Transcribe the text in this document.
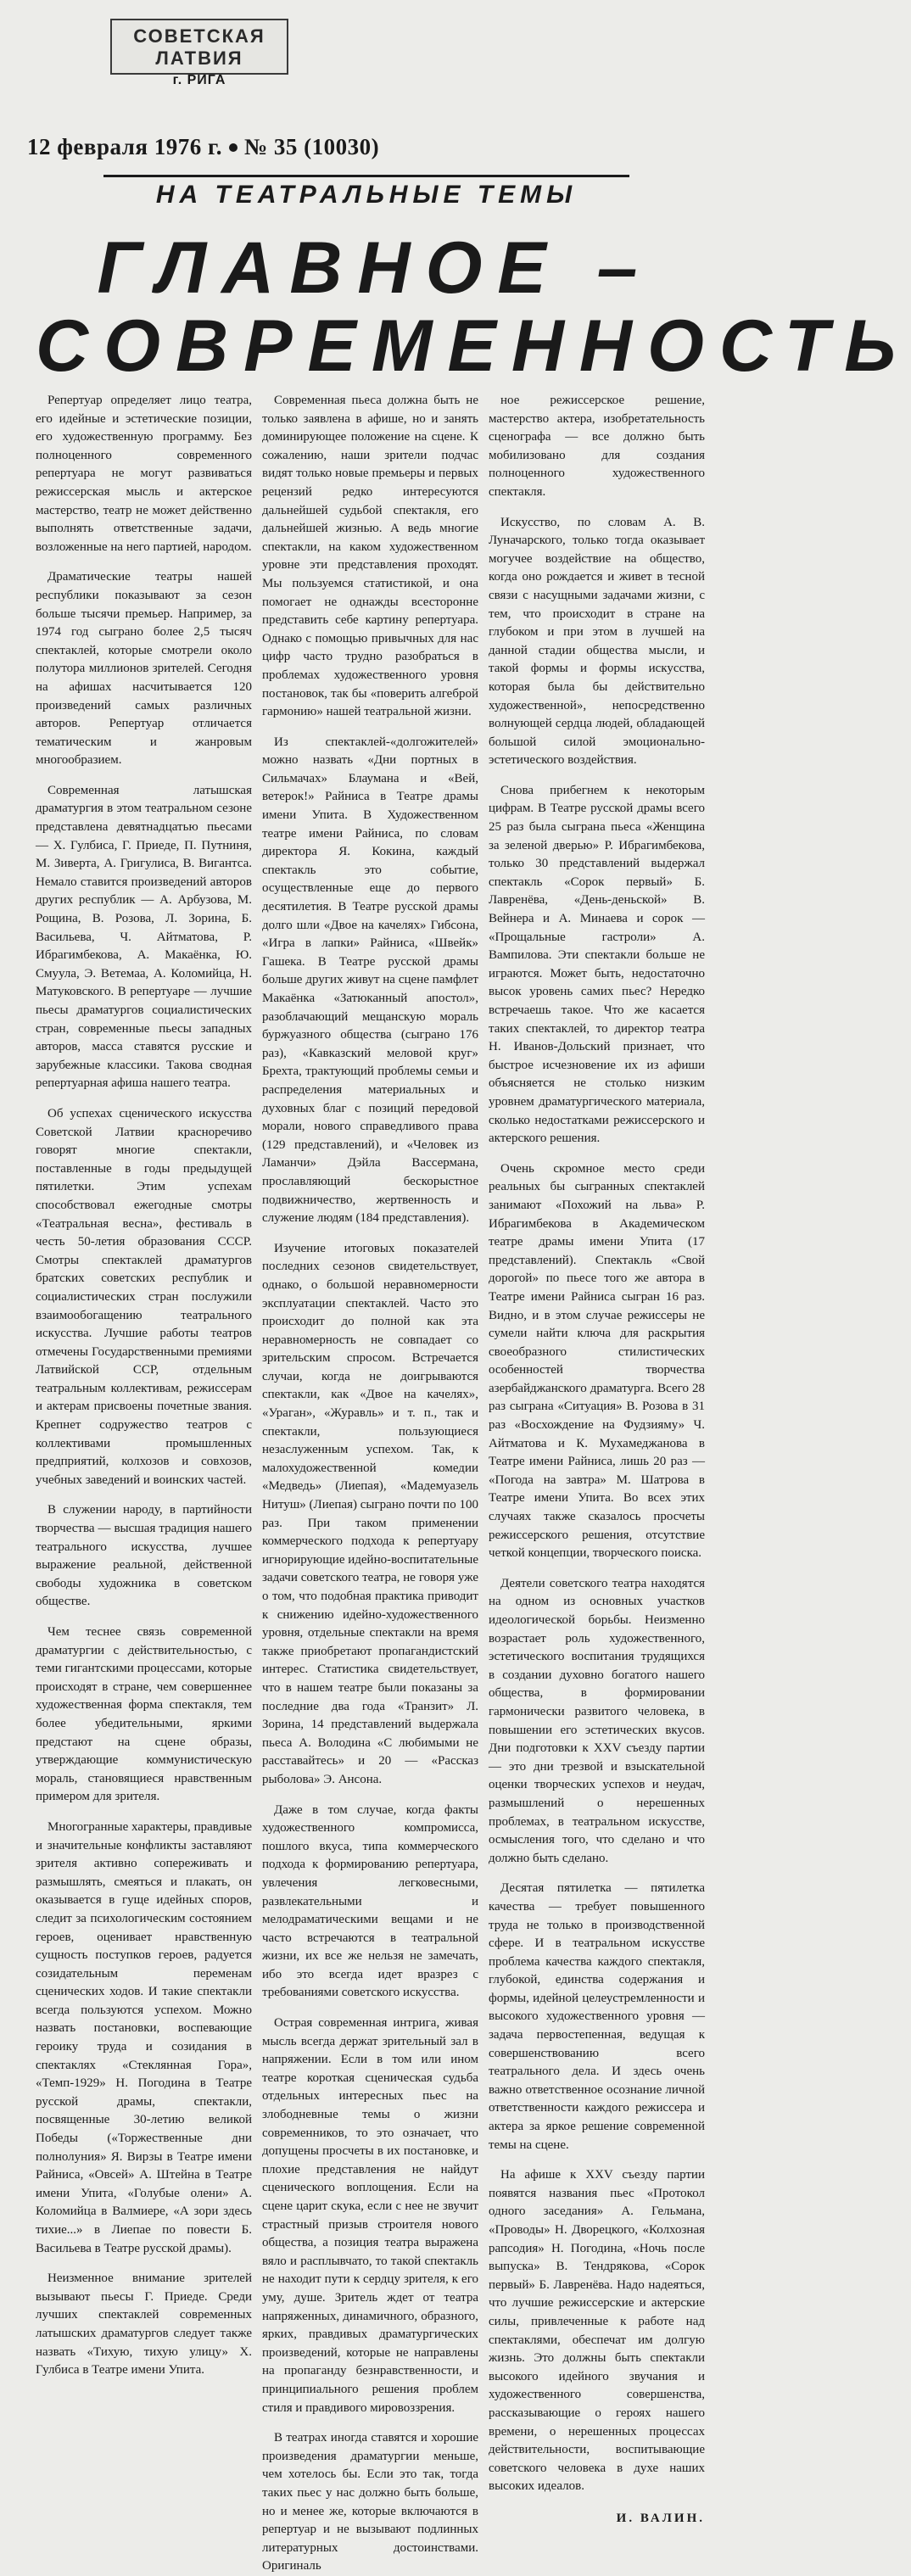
СОВЕТСКАЯ ЛАТВИЯ
г. РИГА
12 февраля 1976 г. № 35 (10030)
НА ТЕАТРАЛЬНЫЕ ТЕМЫ
ГЛАВНОЕ –
СОВРЕМЕННОСТЬ

Репертуар определяет лицо театра, его идейные и эстетические позиции, его художественную программу. Без полноценного современного репертуара не могут развиваться режиссерская мысль и актерское мастерство, театр не может действенно выполнять ответственные задачи, возложенные на него партией, народом.

Драматические театры нашей республики показывают за сезон больше тысячи премьер. Например, за 1974 год сыграно более 2,5 тысяч спектаклей, которые смотрели около полутора миллионов зрителей. Сегодня на афишах насчитывается 120 произведений самых различных авторов. Репертуар отличается тематическим и жанровым многообразием.

Современная латышская драматургия в этом театральном сезоне представлена девятнадцатью пьесами — Х. Гулбиса, Г. Приеде, П. Путниня, М. Зиверта, А. Григулиса, В. Вигантса. Немало ставится произведений авторов других республик — А. Арбузова, М. Рощина, В. Розова, Л. Зорина, Б. Васильева, Ч. Айтматова, Р. Ибрагимбекова, А. Макаёнка, Ю. Смуула, Э. Ветемаа, А. Коломийца, Н. Матуковского. В репертуаре — лучшие пьесы драматургов социалистических стран, современные пьесы западных авторов, масса ставятся русские и зарубежные классики. Такова сводная репертуарная афиша нашего театра.

Об успехах сценического искусства Советской Латвии красноречиво говорят многие спектакли, поставленные в годы предыдущей пятилетки. Этим успехам способствовал ежегодные смотры «Театральная весна», фестиваль в честь 50-летия образования СССР. Смотры спектаклей драматургов братских советских республик и социалистических стран послужили взаимообогащению театрального искусства. Лучшие работы театров отмечены Государственными премиями Латвийской ССР, отдельным театральным коллективам, режиссерам и актерам присвоены почетные звания. Крепнет содружество театров с коллективами промышленных предприятий, колхозов и совхозов, учебных заведений и воинских частей.

В служении народу, в партийности творчества — высшая традиция нашего театрального искусства, лучшее выражение реальной, действенной свободы художника в советском обществе.

Чем теснее связь современной драматургии с действительностью, с теми гигантскими процессами, которые происходят в стране, чем совершеннее художественная форма спектакля, тем более убедительными, яркими предстают на сцене образы, утверждающие коммунистическую мораль, становящиеся нравственным примером для зрителя.

Многогранные характеры, правдивые и значительные конфликты заставляют зрителя активно сопереживать и размышлять, смеяться и плакать, он оказывается в гуще идейных споров, следит за психологическим состоянием героев, оценивает нравственную сущность поступков героев, радуется созидательным переменам сценических ходов. И такие спектакли всегда пользуются успехом. Можно назвать постановки, воспевающие героику труда и созидания в спектаклях «Стеклянная Гора», «Темп-1929» Н. Погодина в Театре русской драмы, спектакли, посвященные 30-летию великой Победы («Торжественные дни полнолуния» Я. Вирзы в Театре имени Райниса, «Овсей» А. Штейна в Театре имени Упита, «Голубые олени» А. Коломийца в Валмиере, «А зори здесь тихие...» в Лиепае по повести Б. Васильева в Театре русской драмы).

Неизменное внимание зрителей вызывают пьесы Г. Приеде. Среди лучших спектаклей современных латышских драматургов следует также назвать «Тихую, тихую улицу» Х. Гулбиса в Театре имени Упита.

Современная пьеса должна быть не только заявлена в афише, но и занять доминирующее положение на сцене. К сожалению, наши зрители подчас видят только новые премьеры и первых рецензий редко интересуются дальнейшей судьбой спектакля, его дальнейшей жизнью. А ведь многие спектакли, на каком художественном уровне эти представления проходят. Мы пользуемся статистикой, и она помогает не однажды всесторонне представить себе картину репертуара. Однако с помощью привычных для нас цифр часто трудно разобраться в проблемах художественного уровня постановок, так бы «поверить алгеброй гармонию» нашей театральной жизни.

Из спектаклей-«долгожителей» можно назвать «Дни портных в Сильмачах» Блаумана и «Вей, ветерок!» Райниса в Театре драмы имени Упита. В Художественном театре имени Райниса, по словам директора Я. Кокина, каждый спектакль это событие, осуществленные еще до первого десятилетия. В Театре русской драмы долго шли «Двое на качелях» Гибсона, «Игра в лапки» Райниса, «Швейк» Гашека. В Театре русской драмы больше других живут на сцене памфлет Макаёнка «Затюканный апостол», разоблачающий мещанскую мораль буржуазного общества (сыграно 176 раз), «Кавказский меловой круг» Брехта, трактующий проблемы семьи и распределения материальных и духовных благ с позиций передовой морали, нового справедливого права (129 представлений), и «Человек из Ламанчи» Дэйла Вассермана, прославляющий бескорыстное подвижничество, жертвенность и служение людям (184 представления).

Изучение итоговых показателей последних сезонов свидетельствует, однако, о большой неравномерности эксплуатации спектаклей. Часто это происходит до полной как эта неравномерность не совпадает со зрительским спросом. Встречается случаи, когда не доигрываются спектакли, как «Двое на качелях», «Ураган», «Журавль» и т. п., так и спектакли, пользующиеся незаслуженным успехом. Так, к малохудожественной комедии «Медведь» (Лиепая), «Мадемуазель Нитуш» (Лиепая) сыграно почти по 100 раз. При таком применении коммерческого подхода к репертуару игнорирующие идейно-воспитательные задачи советского театра, не говоря уже о том, что подобная практика приводит к снижению идейно-художественного уровня, отдельные спектакли на время также приобретают пропагандистский интерес. Статистика свидетельствует, что в нашем театре были показаны за последние два года «Транзит» Л. Зорина, 14 представлений выдержала пьеса А. Володина «С любимыми не расставайтесь» и 20 — «Рассказ рыболова» Э. Ансона.

Даже в том случае, когда факты художественного компромисса, пошлого вкуса, типа коммерческого подхода к формированию репертуара, увлечения легковесными, развлекательными и мелодраматическими вещами и не часто встречаются в театральной жизни, их все же нельзя не замечать, ибо это всегда идет вразрез с требованиями советского искусства.

Острая современная интрига, живая мысль всегда держат зрительный зал в напряжении. Если в том или ином театре короткая сценическая судьба отдельных интересных пьес на злободневные темы о жизни современников, то это означает, что допущены просчеты в их постановке, и плохие представления не найдут сценического воплощения. Если на сцене царит скука, если с нее не звучит страстный призыв строителя нового общества, а позиция театра выражена вяло и расплывчато, то такой спектакль не находит пути к сердцу зрителя, к его уму, душе. Зритель ждет от театра напряженных, динамичного, образного, ярких, правдивых драматургических произведений, которые не направлены на пропаганду безнравственности, и принципиального решения проблем стиля и правдивого мировоззрения.

В театрах иногда ставятся и хорошие произведения драматургии меньше, чем хотелось бы. Если это так, тогда таких пьес у нас должно быть больше, но и менее же, которые включаются в репертуар и не вызывают подлинных литературных достоинствами. Оригиналь

ное режиссерское решение, мастерство актера, изобретательность сценографа — все должно быть мобилизовано для создания полноценного художественного спектакля.

Искусство, по словам А. В. Луначарского, только тогда оказывает могучее воздействие на общество, когда оно рождается и живет в тесной связи с насущными задачами жизни, с тем, что происходит в стране на глубоком и при этом в лучшей на данной стадии общества мысли, и такой формы и формы искусства, которая была бы действительно художественной», непосредственно волнующей сердца людей, обладающей большой силой эмоционально-эстетического воздействия.

Снова прибегнем к некоторым цифрам. В Театре русской драмы всего 25 раз была сыграна пьеса «Женщина за зеленой дверью» Р. Ибрагимбекова, только 30 представлений выдержал спектакль «Сорок первый» Б. Лавренёва, «День-деньской» В. Вейнера и А. Минаева и сорок — «Прощальные гастроли» А. Вампилова. Эти спектакли больше не играются. Может быть, недостаточно высок уровень самих пьес? Нередко встречаешь такое. Что же касается таких спектаклей, то директор театра Н. Иванов-Дольский признает, что быстрое исчезновение их из афиши объясняется не столько низким уровнем драматургического материала, сколько недостатками режиссерского и актерского решения.

Очень скромное место среди реальных бы сыгранных спектаклей занимают «Похожий на льва» Р. Ибрагимбекова в Академическом театре драмы имени Упита (17 представлений). Спектакль «Свой дорогой» по пьесе того же автора в Театре имени Райниса сыгран 16 раз. Видно, и в этом случае режиссеры не сумели найти ключа для раскрытия своеобразного стилистических особенностей творчества азербайджанского драматурга. Всего 28 раз сыграна «Ситуация» В. Розова в 31 раз «Восхождение на Фудзияму» Ч. Айтматова и К. Мухамеджанова в Театре имени Райниса, лишь 20 раз — «Погода на завтра» М. Шатрова в Театре имени Упита. Во всех этих случаях также сказалось просчеты режиссерского решения, отсутствие четкой концепции, творческого поиска.

Деятели советского театра находятся на одном из основных участков идеологической борьбы. Неизменно возрастает роль художественного, эстетического воспитания трудящихся в создании духовно богатого нашего общества, в формировании гармонически развитого человека, в повышении его эстетических вкусов. Дни подготовки к XXV съезду партии — это дни трезвой и взыскательной оценки творческих успехов и неудач, размышлений о нерешенных проблемах, в театральном искусстве, осмысления того, что сделано и что должно быть сделано.

Десятая пятилетка — пятилетка качества — требует повышенного труда не только в производственной сфере. И в театральном искусстве проблема качества каждого спектакля, глубокой, единства содержания и формы, идейной целеустремленности и высокого художественного уровня — задача первостепенная, ведущая к совершенствованию всего театрального дела. И здесь очень важно ответственное осознание личной ответственности каждого режиссера и актера за яркое решение современной темы на сцене.

На афише к XXV съезду партии появятся названия пьес «Протокол одного заседания» А. Гельмана, «Проводы» Н. Дворецкого, «Колхозная рапсодия» Н. Погодина, «Ночь после выпуска» В. Тендрякова, «Сорок первый» Б. Лавренёва. Надо надеяться, что лучшие режиссерские и актерские силы, привлеченные к работе над спектаклями, обеспечат им долгую жизнь. Это должны быть спектакли высокого идейного звучания и художественного совершенства, рассказывающие о героях нашего времени, о нерешенных процессах действительности, воспитывающие советского человека в духе наших высоких идеалов.

И. ВАЛИН.
